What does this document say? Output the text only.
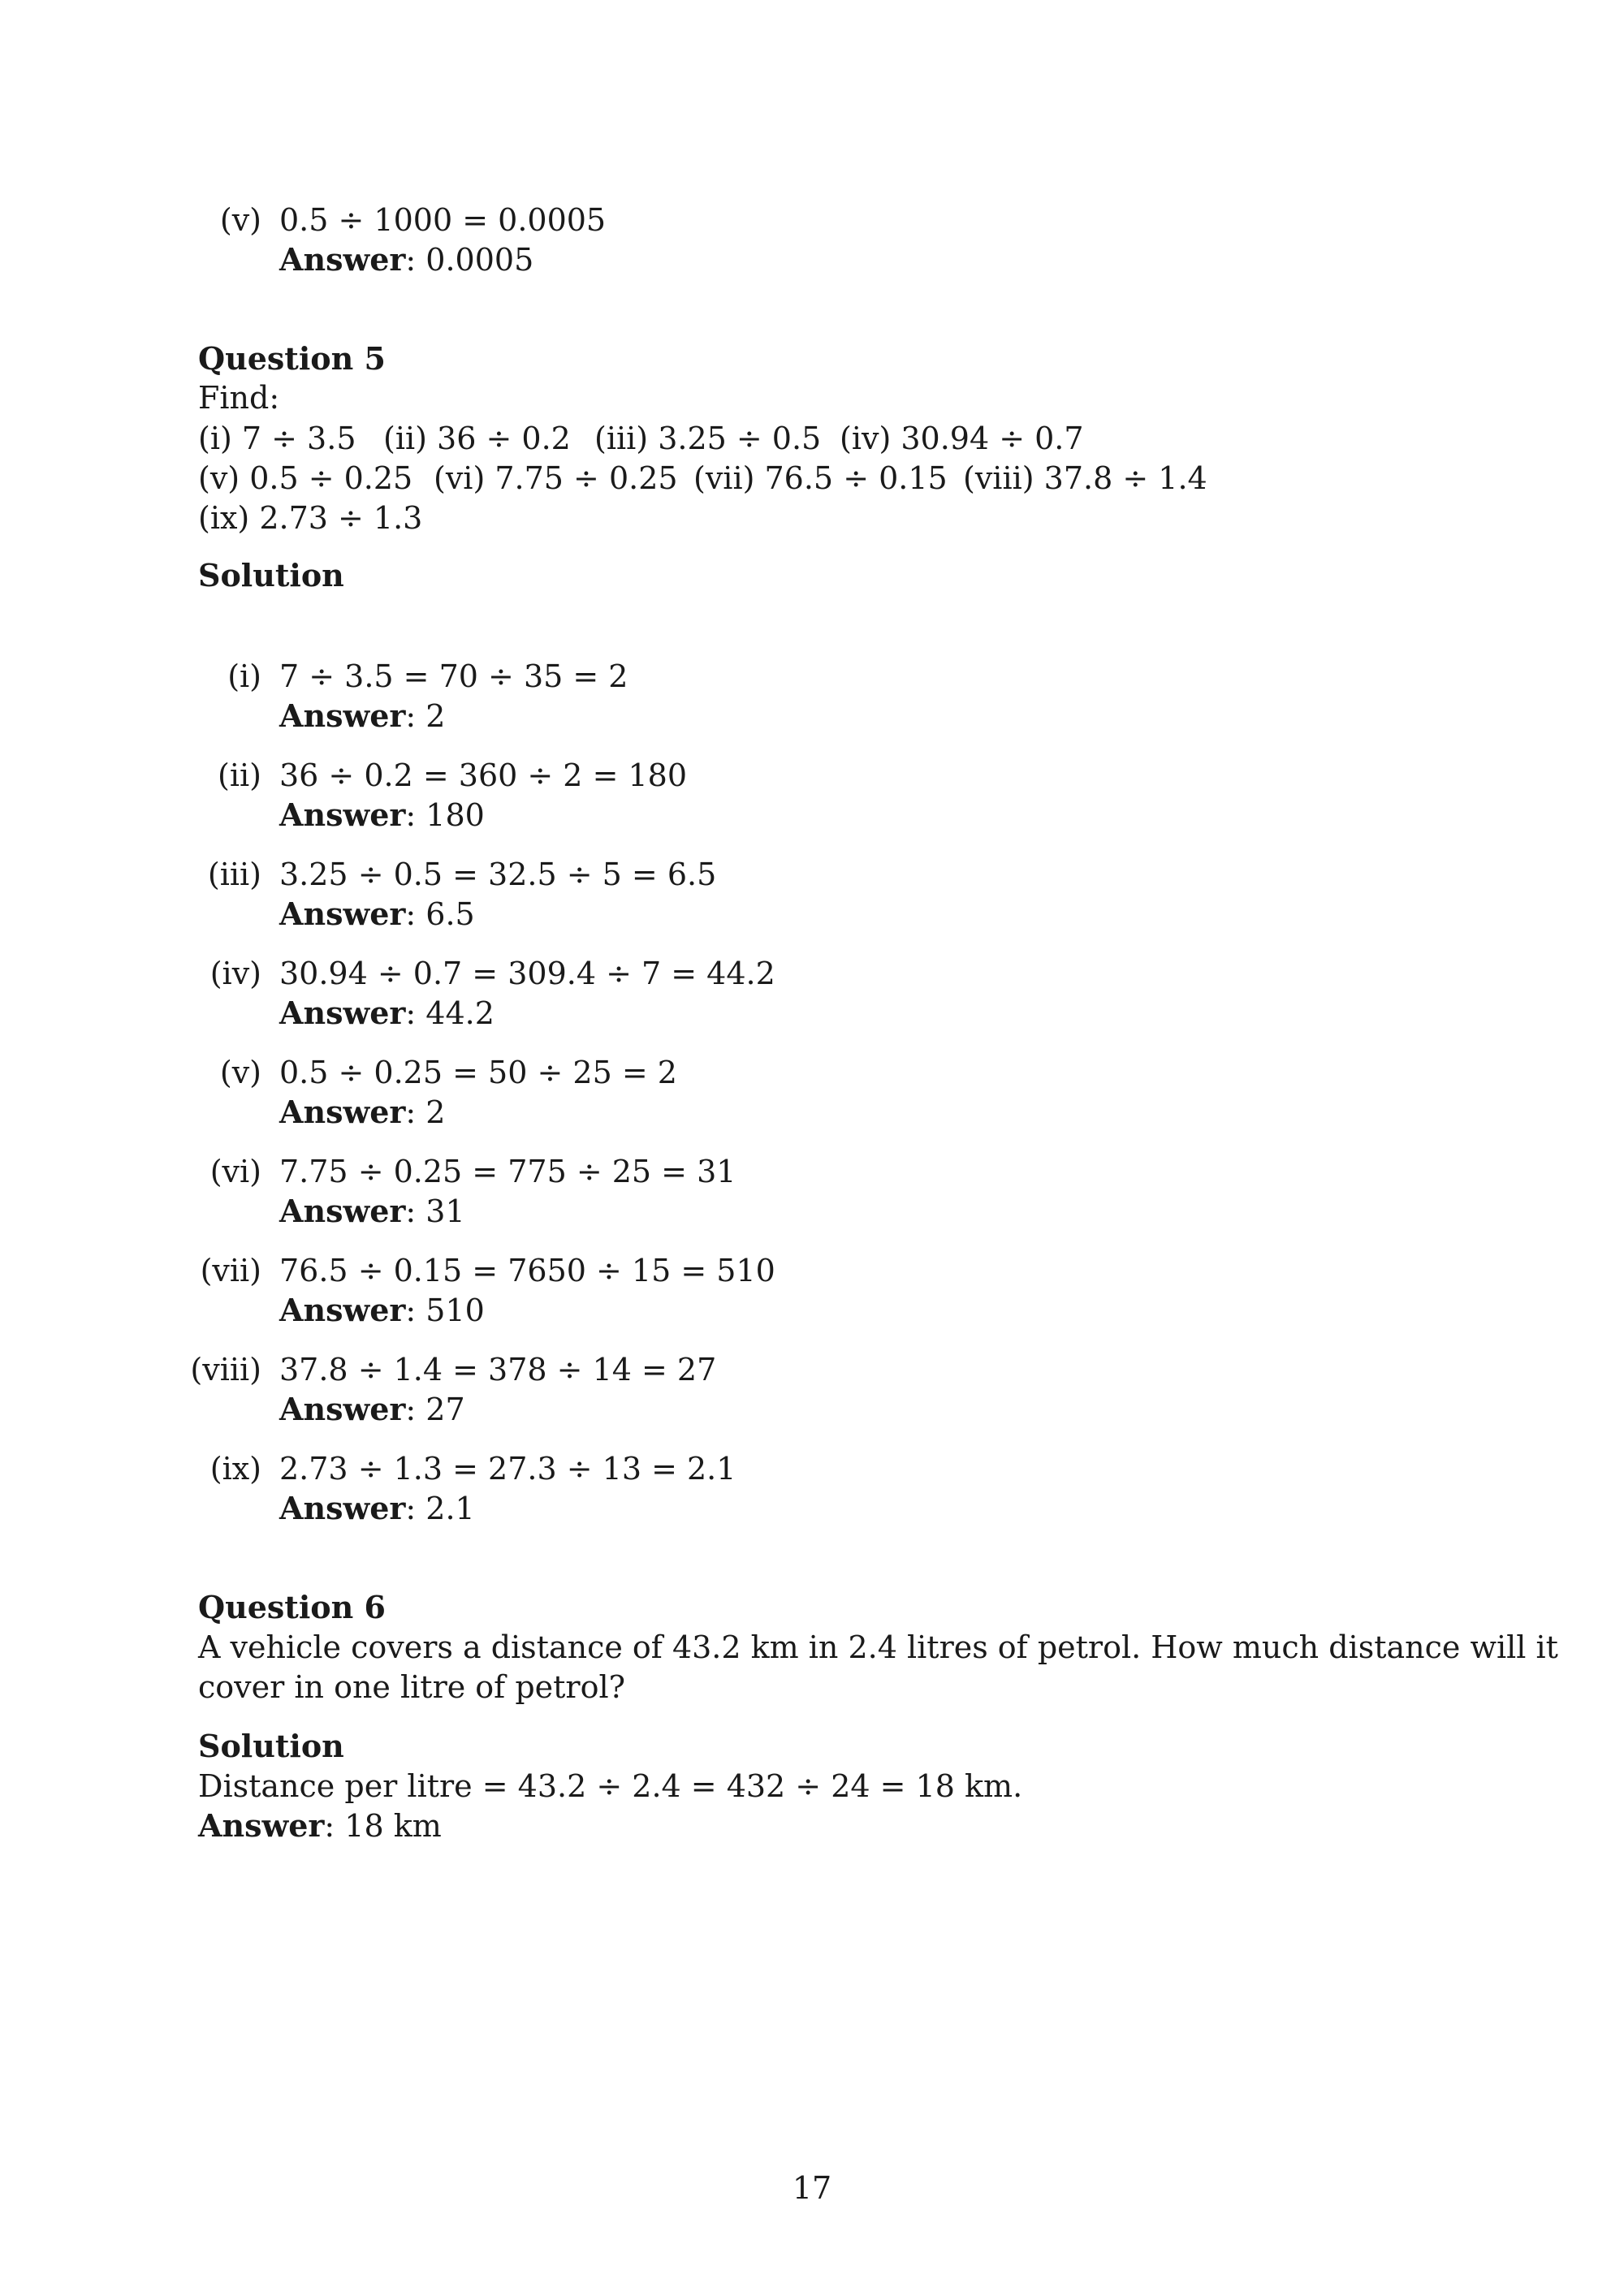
(v) 0.5 ÷ 1000 = 0.0005
Answer: 0.0005
Question 5
Find:
(i) 7 ÷ 3.5 (ii) 36 ÷ 0.2 (iii) 3.25 ÷ 0.5 (iv) 30.94 ÷ 0.7
(v) 0.5 ÷ 0.25 (vi) 7.75 ÷ 0.25 (vii) 76.5 ÷ 0.15 (viii) 37.8 ÷ 1.4
(ix) 2.73 ÷ 1.3
Solution
(i) 7 ÷ 3.5 = 70 ÷ 35 = 2
Answer: 2
(ii) 36 ÷ 0.2 = 360 ÷ 2 = 180
Answer: 180
(iii) 3.25 ÷ 0.5 = 32.5 ÷ 5 = 6.5
Answer: 6.5
(iv) 30.94 ÷ 0.7 = 309.4 ÷ 7 = 44.2
Answer: 44.2
(v) 0.5 ÷ 0.25 = 50 ÷ 25 = 2
Answer: 2
(vi) 7.75 ÷ 0.25 = 775 ÷ 25 = 31
Answer: 31
(vii) 76.5 ÷ 0.15 = 7650 ÷ 15 = 510
Answer: 510
(viii) 37.8 ÷ 1.4 = 378 ÷ 14 = 27
Answer: 27
(ix) 2.73 ÷ 1.3 = 27.3 ÷ 13 = 2.1
Answer: 2.1
Question 6
A vehicle covers a distance of 43.2 km in 2.4 litres of petrol. How much distance will it
cover in one litre of petrol?
Solution
Distance per litre = 43.2 ÷ 2.4 = 432 ÷ 24 = 18 km.
Answer: 18 km
17
